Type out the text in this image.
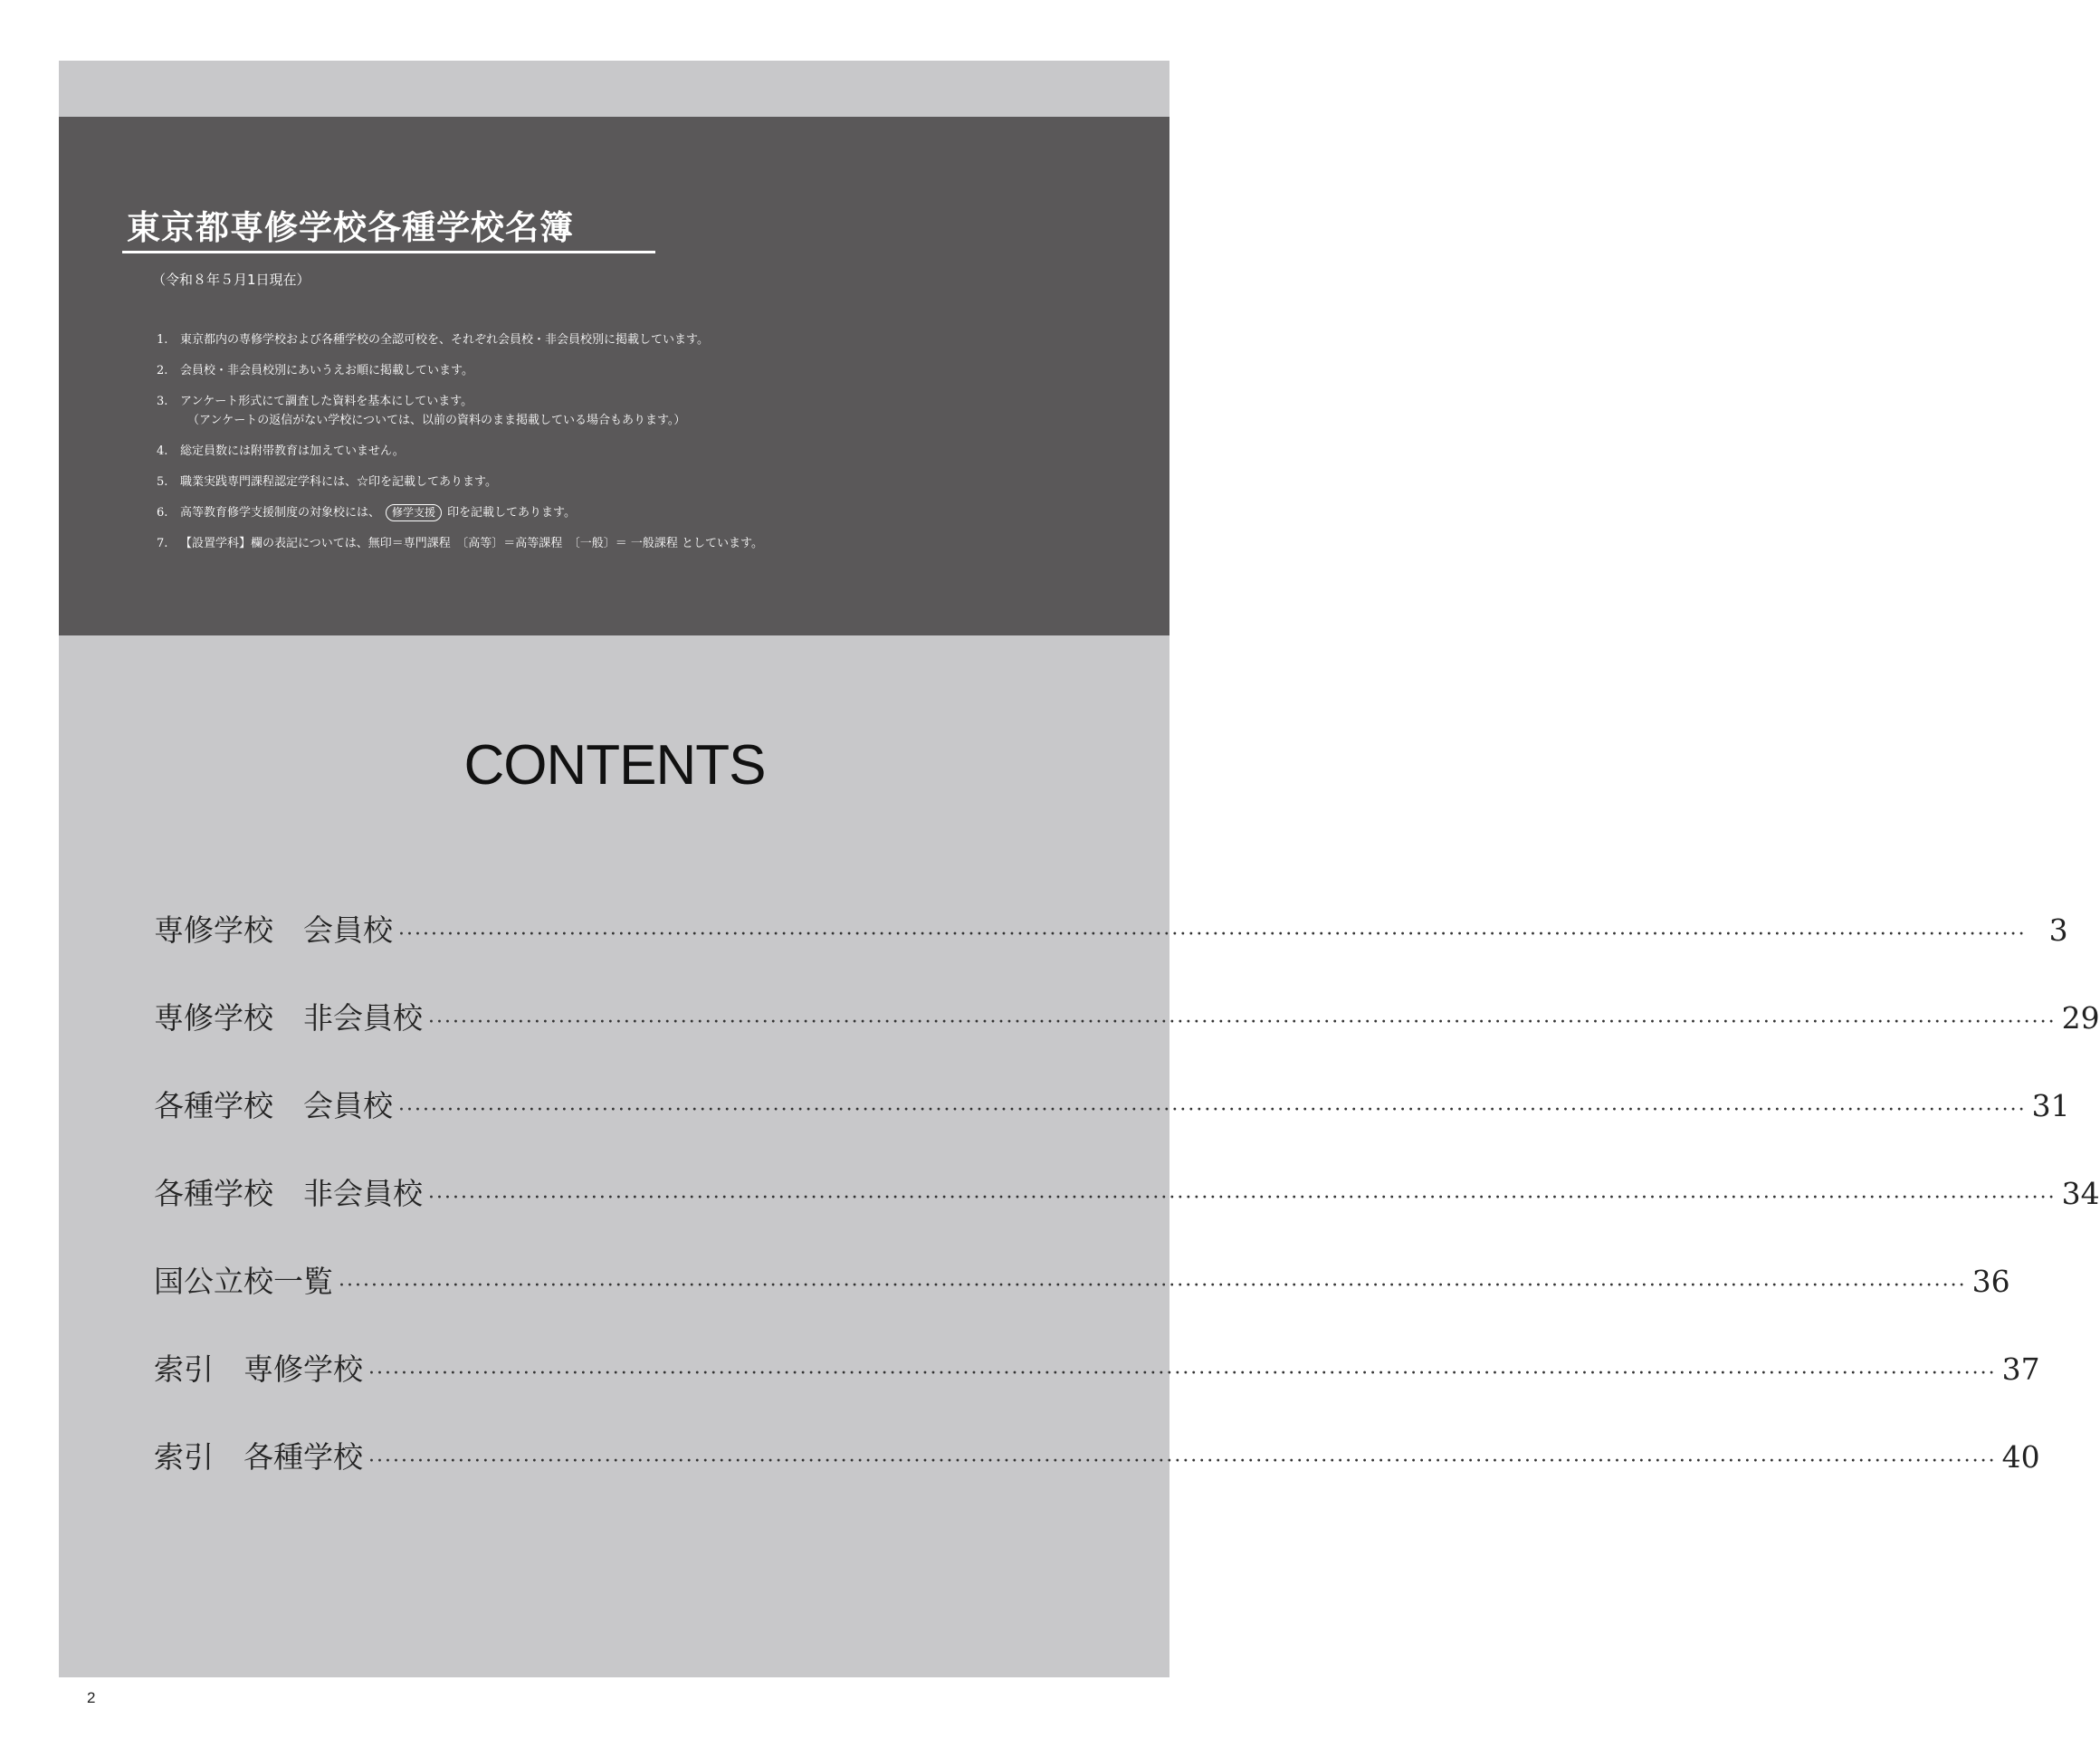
東京都専修学校各種学校名簿
（令和８年５月1日現在）
1.	東京都内の専修学校および各種学校の全認可校を、それぞれ会員校・非会員校別に掲載しています。
2.	会員校・非会員校別にあいうえお順に掲載しています。
3.	アンケート形式にて調査した資料を基本にしています。
（アンケートの返信がない学校については、以前の資料のまま掲載している場合もあります。）
4.	総定員数には附帯教育は加えていません。
5.	職業実践専門課程認定学科には、☆印を記載してあります。
6.	高等教育修学支援制度の対象校には、 修学支援 印を記載してあります。
7.	【設置学科】欄の表記については、無印＝専門課程　〔高等〕＝高等課程　〔一般〕＝ 一般課程 としています。
CONTENTS
専修学校　会員校 ········································································································································································································ 3
専修学校　非会員校 ········································································································································································································ 29
各種学校　会員校 ········································································································································································································ 31
各種学校　非会員校 ········································································································································································································ 34
国公立校一覧 ········································································································································································································ 36
索引　専修学校 ········································································································································································································ 37
索引　各種学校 ········································································································································································································ 40
2
